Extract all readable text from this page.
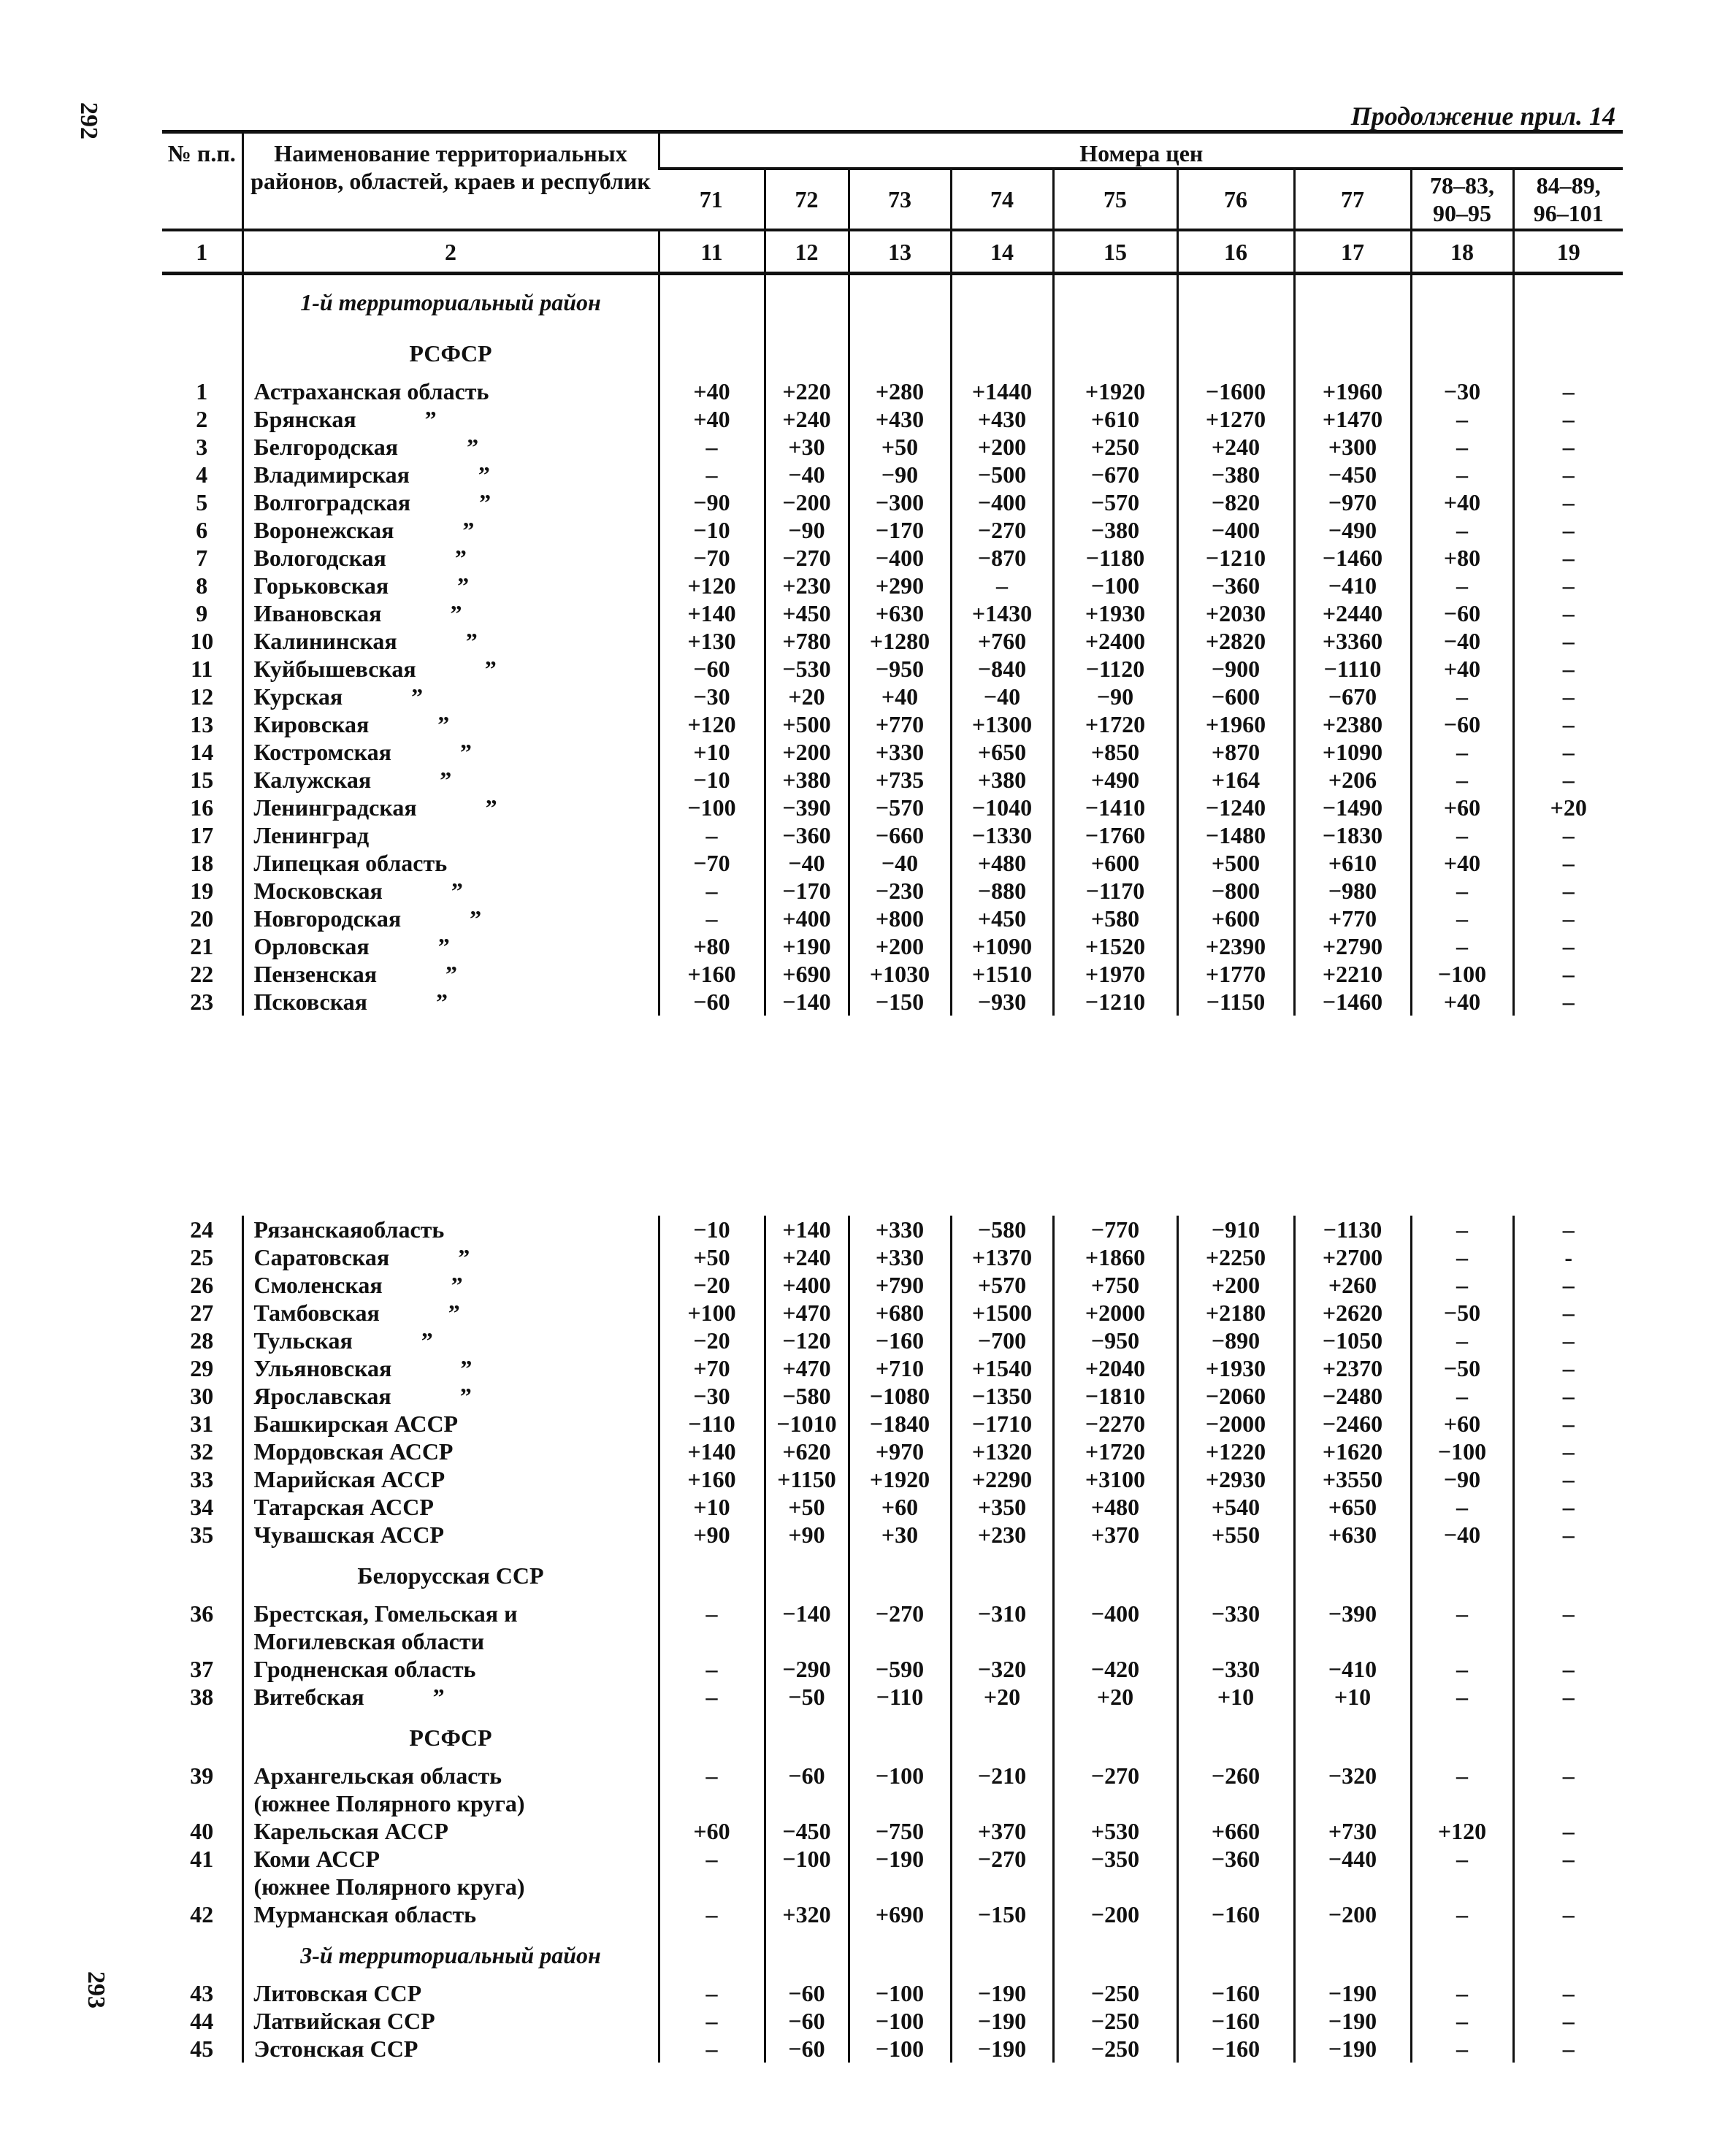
292
293
Продолжение прил. 14
№ п.п.	Наименование территориальных районов, областей, краев и республик	Номера цен								
		71	72	73	74	75	76	77	78–83, 90–95	84–89, 96–101
1	2	11	12	13	14	15	16	17	18	19
	1-й территориальный район									
	РСФСР									
1	Астраханская область	+40	+220	+280	+1440	+1920	−1600	+1960	−30	–
2	Брянская ”	+40	+240	+430	+430	+610	+1270	+1470	–	–
3	Белгородская ”	–	+30	+50	+200	+250	+240	+300	–	–
4	Владимирская ”	–	−40	−90	−500	−670	−380	−450	–	–
5	Волгоградская ”	−90	−200	−300	−400	−570	−820	−970	+40	–
6	Воронежская ”	−10	−90	−170	−270	−380	−400	−490	–	–
7	Вологодская ”	−70	−270	−400	−870	−1180	−1210	−1460	+80	–
8	Горьковская ”	+120	+230	+290	–	−100	−360	−410	–	–
9	Ивановская ”	+140	+450	+630	+1430	+1930	+2030	+2440	−60	–
10	Калининская ”	+130	+780	+1280	+760	+2400	+2820	+3360	−40	–
11	Куйбышевская ”	−60	−530	−950	−840	−1120	−900	−1110	+40	–
12	Курская ”	−30	+20	+40	−40	−90	−600	−670	–	–
13	Кировская ”	+120	+500	+770	+1300	+1720	+1960	+2380	−60	–
14	Костромская ”	+10	+200	+330	+650	+850	+870	+1090	–	–
15	Калужская ”	−10	+380	+735	+380	+490	+164	+206	–	–
16	Ленинградская ”	−100	−390	−570	−1040	−1410	−1240	−1490	+60	+20
17	Ленинград	–	−360	−660	−1330	−1760	−1480	−1830	–	–
18	Липецкая область	−70	−40	−40	+480	+600	+500	+610	+40	–
19	Московская ”	–	−170	−230	−880	−1170	−800	−980	–	–
20	Новгородская ”	–	+400	+800	+450	+580	+600	+770	–	–
21	Орловская ”	+80	+190	+200	+1090	+1520	+2390	+2790	–	–
22	Пензенская ”	+160	+690	+1030	+1510	+1970	+1770	+2210	−100	–
23	Псковская ”	−60	−140	−150	−930	−1210	−1150	−1460	+40	–
24	Рязанскаяобласть	−10	+140	+330	−580	−770	−910	−1130	–	–
25	Саратовская ”	+50	+240	+330	+1370	+1860	+2250	+2700	–	-
26	Смоленская ”	−20	+400	+790	+570	+750	+200	+260	–	–
27	Тамбовская ”	+100	+470	+680	+1500	+2000	+2180	+2620	−50	–
28	Тульская ”	−20	−120	−160	−700	−950	−890	−1050	–	–
29	Ульяновская ”	+70	+470	+710	+1540	+2040	+1930	+2370	−50	–
30	Ярославская ”	−30	−580	−1080	−1350	−1810	−2060	−2480	–	–
31	Башкирская АССР	−110	−1010	−1840	−1710	−2270	−2000	−2460	+60	–
32	Мордовская АССР	+140	+620	+970	+1320	+1720	+1220	+1620	−100	–
33	Марийская АССР	+160	+1150	+1920	+2290	+3100	+2930	+3550	−90	–
34	Татарская АССР	+10	+50	+60	+350	+480	+540	+650	–	–
35	Чувашская АССР	+90	+90	+30	+230	+370	+550	+630	−40	–
	Белорусская ССР									
36	Брестская, Гомельская и
Могилевская области	–	−140	−270	−310	−400	−330	−390	–	–
37	Гродненская область	–	−290	−590	−320	−420	−330	−410	–	–
38	Витебская ”	–	−50	−110	+20	+20	+10	+10	–	–
	РСФСР									
39	Архангельская область
(южнее Полярного круга)	–	−60	−100	−210	−270	−260	−320	–	–
40	Карельская АССР	+60	−450	−750	+370	+530	+660	+730	+120	–
41	Коми АССР
(южнее Полярного круга)	–	−100	−190	−270	−350	−360	−440	–	–
42	Мурманская область	–	+320	+690	−150	−200	−160	−200	–	–
	3-й территориальный район									
43	Литовская ССР	–	−60	−100	−190	−250	−160	−190	–	–
44	Латвийская ССР	–	−60	−100	−190	−250	−160	−190	–	–
45	Эстонская ССР	–	−60	−100	−190	−250	−160	−190	–	–
